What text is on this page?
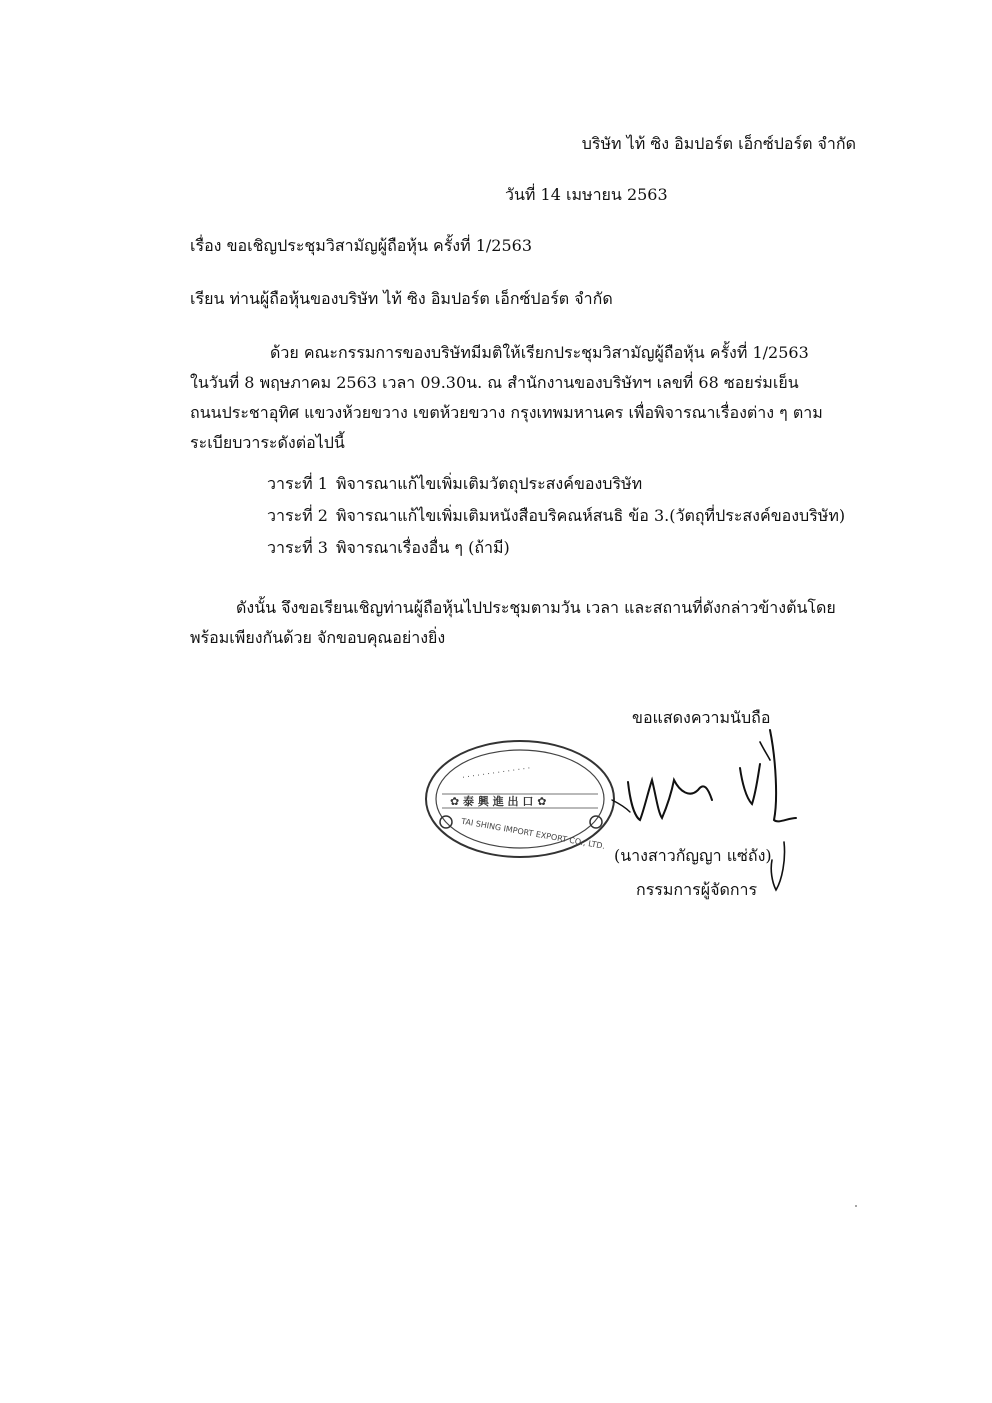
บริษัท ไท้ ซิง อิมปอร์ต เอ็กซ์ปอร์ต จำกัด
วันที่ 14 เมษายน 2563
เรื่อง ขอเชิญประชุมวิสามัญผู้ถือหุ้น ครั้งที่ 1/2563
เรียน ท่านผู้ถือหุ้นของบริษัท ไท้ ซิง อิมปอร์ต เอ็กซ์ปอร์ต จำกัด
ด้วย คณะกรรมการของบริษัทมีมติให้เรียกประชุมวิสามัญผู้ถือหุ้น ครั้งที่ 1/2563
ในวันที่ 8 พฤษภาคม 2563 เวลา 09.30น. ณ สำนักงานของบริษัทฯ เลขที่ 68 ซอยร่มเย็น
ถนนประชาอุทิศ แขวงห้วยขวาง เขตห้วยขวาง กรุงเทพมหานคร เพื่อพิจารณาเรื่องต่าง ๆ ตาม
ระเบียบวาระดังต่อไปนี้
วาระที่ 1 พิจารณาแก้ไขเพิ่มเติมวัตถุประสงค์ของบริษัท
วาระที่ 2 พิจารณาแก้ไขเพิ่มเติมหนังสือบริคณห์สนธิ ข้อ 3.(วัตถุที่ประสงค์ของบริษัท)
วาระที่ 3 พิจารณาเรื่องอื่น ๆ (ถ้ามี)
ดังนั้น จึงขอเรียนเชิญท่านผู้ถือหุ้นไปประชุมตามวัน เวลา และสถานที่ดังกล่าวข้างต้นโดย
พร้อมเพียงกันด้วย จักขอบคุณอย่างยิ่ง
ขอแสดงความนับถือ
✿ 泰 興 進 出 口 ✿
· · · · · · · · · · · · · ·
TAI SHING IMPORT EXPORT CO., LTD.
(นางสาวกัญญา แซ่ถัง)
กรรมการผู้จัดการ
